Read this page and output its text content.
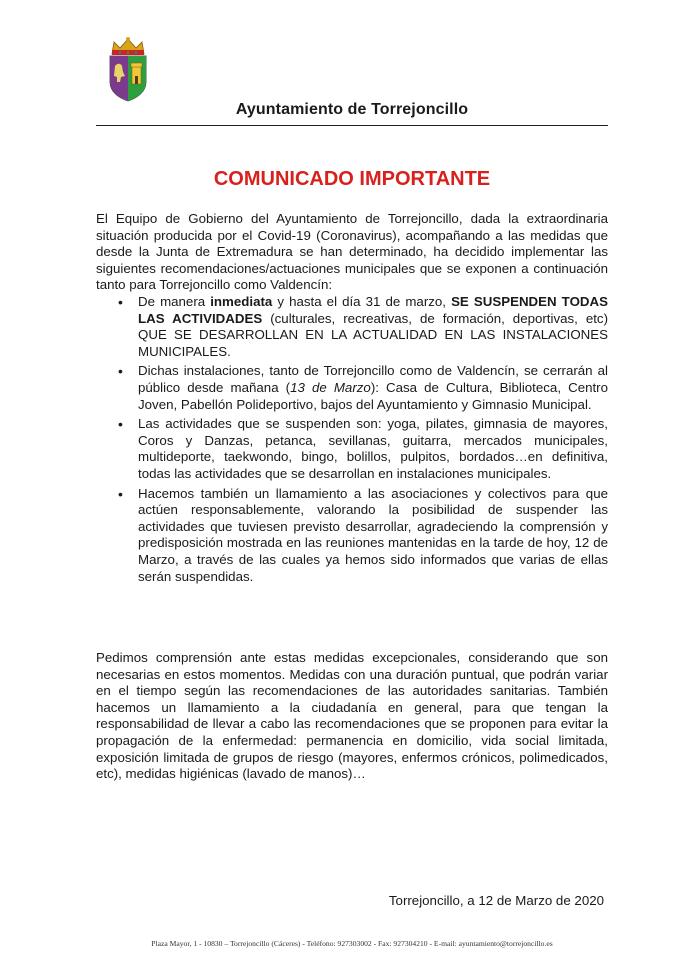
Ayuntamiento de Torrejoncillo
COMUNICADO IMPORTANTE

El Equipo de Gobierno del Ayuntamiento de Torrejoncillo, dada la extraordinaria situación producida por el Covid-19 (Coronavirus), acompañando a las medidas que desde la Junta de Extremadura se han determinado, ha decidido implementar las siguientes recomendaciones/actuaciones municipales que se exponen a continuación tanto para Torrejoncillo como Valdencín:

• De manera inmediata y hasta el día 31 de marzo, SE SUSPENDEN TODAS LAS ACTIVIDADES (culturales, recreativas, de formación, deportivas, etc) QUE SE DESARROLLAN EN LA ACTUALIDAD EN LAS INSTALACIONES MUNICIPALES.
• Dichas instalaciones, tanto de Torrejoncillo como de Valdencín, se cerrarán al público desde mañana (13 de Marzo): Casa de Cultura, Biblioteca, Centro Joven, Pabellón Polideportivo, bajos del Ayuntamiento y Gimnasio Municipal.
• Las actividades que se suspenden son: yoga, pilates, gimnasia de mayores, Coros y Danzas, petanca, sevillanas, guitarra, mercados municipales, multideporte, taekwondo, bingo, bolillos, pulpitos, bordados…en definitiva, todas las actividades que se desarrollan en instalaciones municipales.
• Hacemos también un llamamiento a las asociaciones y colectivos para que actúen responsablemente, valorando la posibilidad de suspender las actividades que tuviesen previsto desarrollar, agradeciendo la comprensión y predisposición mostrada en las reuniones mantenidas en la tarde de hoy, 12 de Marzo, a través de las cuales ya hemos sido informados que varias de ellas serán suspendidas.

Pedimos comprensión ante estas medidas excepcionales, considerando que son necesarias en estos momentos. Medidas con una duración puntual, que podrán variar en el tiempo según las recomendaciones de las autoridades sanitarias. También hacemos un llamamiento a la ciudadanía en general, para que tengan la responsabilidad de llevar a cabo las recomendaciones que se proponen para evitar la propagación de la enfermedad: permanencia en domicilio, vida social limitada, exposición limitada de grupos de riesgo (mayores, enfermos crónicos, polimedicados, etc), medidas higiénicas (lavado de manos)…

Torrejoncillo, a 12 de Marzo de 2020
Plaza Mayor, 1 - 10830 – Torrejoncillo (Cáceres) - Teléfono: 927303002 - Fax: 927304210 - E-mail: ayuntamiento@torrejoncillo.es
